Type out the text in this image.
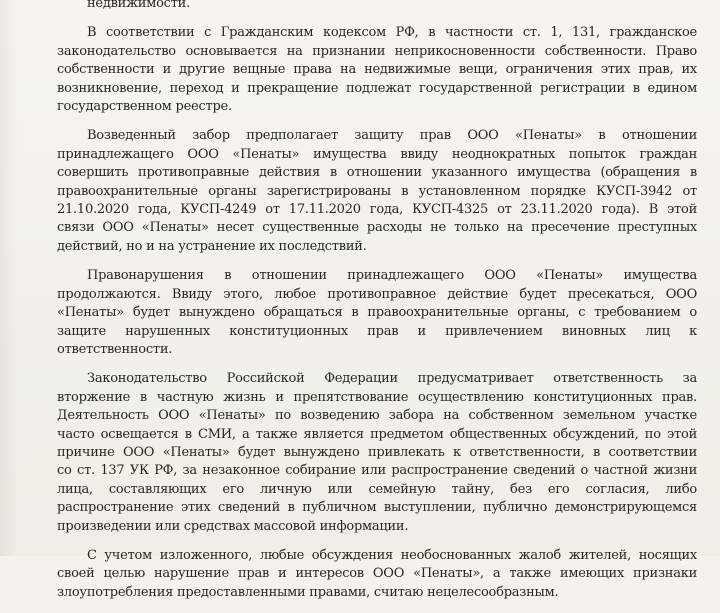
недвижимости.
В соответствии с Гражданским кодексом РФ, в частности ст. 1, 131, гражданское
законодательство основывается на признании неприкосновенности собственности. Право
собственности и другие вещные права на недвижимые вещи, ограничения этих прав, их
возникновение, переход и прекращение подлежат государственной регистрации в едином
государственном реестре.
Возведенный забор предполагает защиту прав ООО «Пенаты» в отношении
принадлежащего ООО «Пенаты» имущества ввиду неоднократных попыток граждан
совершить противоправные действия в отношении указанного имущества (обращения в
правоохранительные органы зарегистрированы в установленном порядке КУСП-3942 от
21.10.2020 года, КУСП-4249 от 17.11.2020 года, КУСП-4325 от 23.11.2020 года). В этой
связи ООО «Пенаты» несет существенные расходы не только на пресечение преступных
действий, но и на устранение их последствий.
Правонарушения в отношении принадлежащего ООО «Пенаты» имущества
продолжаются. Ввиду этого, любое противоправное действие будет пресекаться, ООО
«Пенаты» будет вынуждено обращаться в правоохранительные органы, с требованием о
защите нарушенных конституционных прав и привлечением виновных лиц к
ответственности.
Законодательство Российской Федерации предусматривает ответственность за
вторжение в частную жизнь и препятствование осуществлению конституционных прав.
Деятельность ООО «Пенаты» по возведению забора на собственном земельном участке
часто освещается в СМИ, а также является предметом общественных обсуждений, по этой
причине ООО «Пенаты» будет вынуждено привлекать к ответственности, в соответствии
со ст. 137 УК РФ, за незаконное собирание или распространение сведений о частной жизни
лица, составляющих его личную или семейную тайну, без его согласия, либо
распространение этих сведений в публичном выступлении, публично демонстрирующемся
произведении или средствах массовой информации.
С учетом изложенного, любые обсуждения необоснованных жалоб жителей, носящих
своей целью нарушение прав и интересов ООО «Пенаты», а также имеющих признаки
злоупотребления предоставленными правами, считаю нецелесообразным.
